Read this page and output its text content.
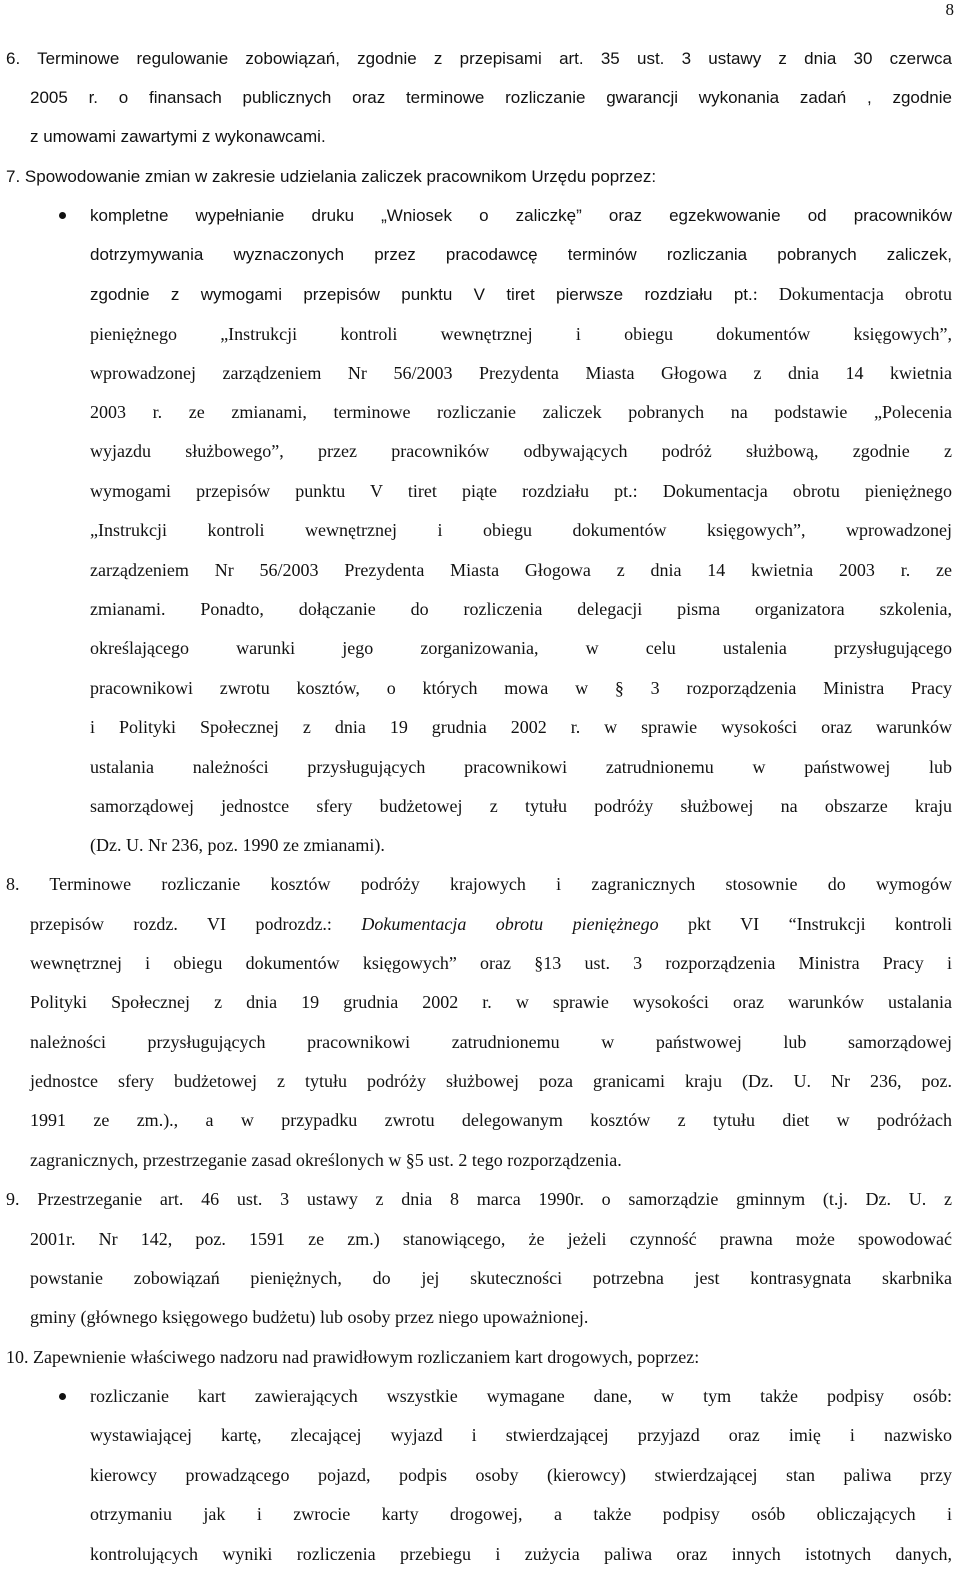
8
6. Terminowe regulowanie zobowiązań, zgodnie z przepisami art. 35 ust. 3 ustawy z dnia 30 czerwca
2005 r. o finansach publicznych oraz terminowe rozliczanie gwarancji wykonania zadań , zgodnie
z umowami zawartymi z wykonawcami.
7. Spowodowanie zmian w zakresie udzielania zaliczek pracownikom Urzędu poprzez:
kompletne wypełnianie druku „Wniosek o zaliczkę” oraz egzekwowanie od pracowników
dotrzymywania wyznaczonych przez pracodawcę terminów rozliczania pobranych zaliczek,
zgodnie z wymogami przepisów punktu V tiret pierwsze rozdziału pt.: Dokumentacja obrotu
pieniężnego „Instrukcji kontroli wewnętrznej i obiegu dokumentów księgowych”,
wprowadzonej zarządzeniem Nr 56/2003 Prezydenta Miasta Głogowa z dnia 14 kwietnia
2003 r. ze zmianami, terminowe rozliczanie zaliczek pobranych na podstawie „Polecenia
wyjazdu służbowego”, przez pracowników odbywających podróż służbową, zgodnie z
wymogami przepisów punktu V tiret piąte rozdziału pt.: Dokumentacja obrotu pieniężnego
„Instrukcji kontroli wewnętrznej i obiegu dokumentów księgowych”, wprowadzonej
zarządzeniem Nr 56/2003 Prezydenta Miasta Głogowa z dnia 14 kwietnia 2003 r. ze
zmianami. Ponadto, dołączanie do rozliczenia delegacji pisma organizatora szkolenia,
określającego warunki jego zorganizowania, w celu ustalenia przysługującego
pracownikowi zwrotu kosztów, o których mowa w § 3 rozporządzenia Ministra Pracy
i Polityki Społecznej z dnia 19 grudnia 2002 r. w sprawie wysokości oraz warunków
ustalania należności przysługujących pracownikowi zatrudnionemu w państwowej lub
samorządowej jednostce sfery budżetowej z tytułu podróży służbowej na obszarze kraju
(Dz. U. Nr 236, poz. 1990 ze zmianami).
8. Terminowe rozliczanie kosztów podróży krajowych i zagranicznych stosownie do wymogów
przepisów rozdz. VI podrozdz.: Dokumentacja obrotu pieniężnego pkt VI “Instrukcji kontroli
wewnętrznej i obiegu dokumentów księgowych” oraz §13 ust. 3 rozporządzenia Ministra Pracy i
Polityki Społecznej z dnia 19 grudnia 2002 r. w sprawie wysokości oraz warunków ustalania
należności przysługujących pracownikowi zatrudnionemu w państwowej lub samorządowej
jednostce sfery budżetowej z tytułu podróży służbowej poza granicami kraju (Dz. U. Nr 236, poz.
1991 ze zm.)., a w przypadku zwrotu delegowanym kosztów z tytułu diet w podróżach
zagranicznych, przestrzeganie zasad określonych w §5 ust. 2 tego rozporządzenia.
9. Przestrzeganie art. 46 ust. 3 ustawy z dnia 8 marca 1990r. o samorządzie gminnym (t.j. Dz. U. z
2001r. Nr 142, poz. 1591 ze zm.) stanowiącego, że jeżeli czynność prawna może spowodować
powstanie zobowiązań pieniężnych, do jej skuteczności potrzebna jest kontrasygnata skarbnika
gminy (głównego księgowego budżetu) lub osoby przez niego upoważnionej.
10. Zapewnienie właściwego nadzoru nad prawidłowym rozliczaniem kart drogowych, poprzez:
rozliczanie kart zawierających wszystkie wymagane dane, w tym także podpisy osób:
wystawiającej kartę, zlecającej wyjazd i stwierdzającej przyjazd oraz imię i nazwisko
kierowcy prowadzącego pojazd, podpis osoby (kierowcy) stwierdzającej stan paliwa przy
otrzymaniu jak i zwrocie karty drogowej, a także podpisy osób obliczających i
kontrolujących wyniki rozliczenia przebiegu i zużycia paliwa oraz innych istotnych danych,
